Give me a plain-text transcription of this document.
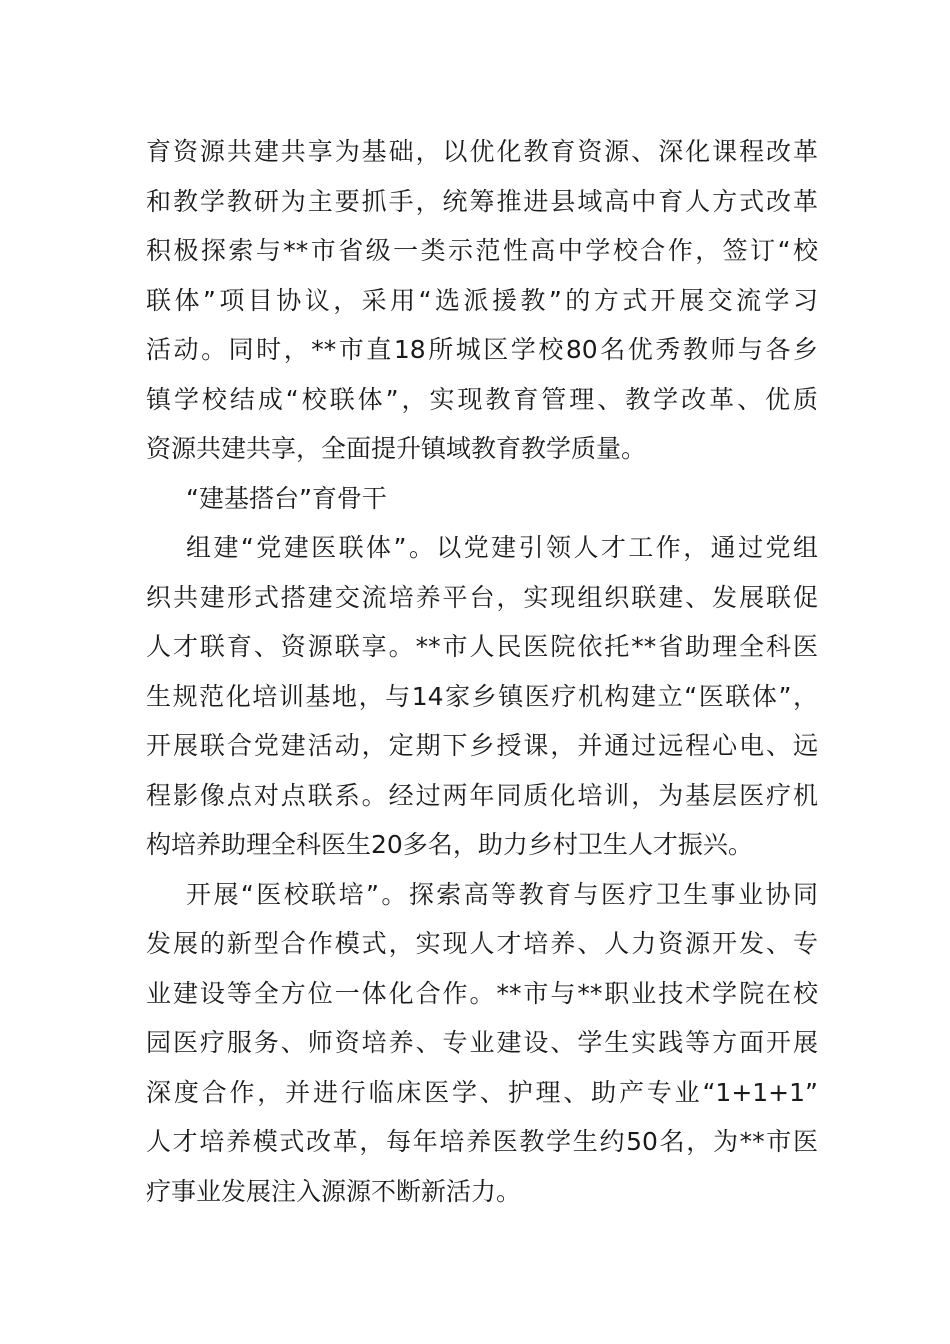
育资源共建共享为基础，以优化教育资源、深化课程改革
和教学教研为主要抓手，统筹推进县域高中育人方式改革
积极探索与**市省级一类示范性高中学校合作，签订“校
联体”项目协议，采用“选派援教”的方式开展交流学习
活动。同时，**市直18所城区学校80名优秀教师与各乡
镇学校结成“校联体”，实现教育管理、教学改革、优质
资源共建共享，全面提升镇域教育教学质量。
“建基搭台”育骨干
组建“党建医联体”。以党建引领人才工作，通过党组
织共建形式搭建交流培养平台，实现组织联建、发展联促
人才联育、资源联享。**市人民医院依托**省助理全科医
生规范化培训基地，与14家乡镇医疗机构建立“医联体”，
开展联合党建活动，定期下乡授课，并通过远程心电、远
程影像点对点联系。经过两年同质化培训，为基层医疗机
构培养助理全科医生20多名，助力乡村卫生人才振兴。
开展“医校联培”。探索高等教育与医疗卫生事业协同
发展的新型合作模式，实现人才培养、人力资源开发、专
业建设等全方位一体化合作。**市与**职业技术学院在校
园医疗服务、师资培养、专业建设、学生实践等方面开展
深度合作，并进行临床医学、护理、助产专业“1+1+1”
人才培养模式改革，每年培养医教学生约50名，为**市医
疗事业发展注入源源不断新活力。
